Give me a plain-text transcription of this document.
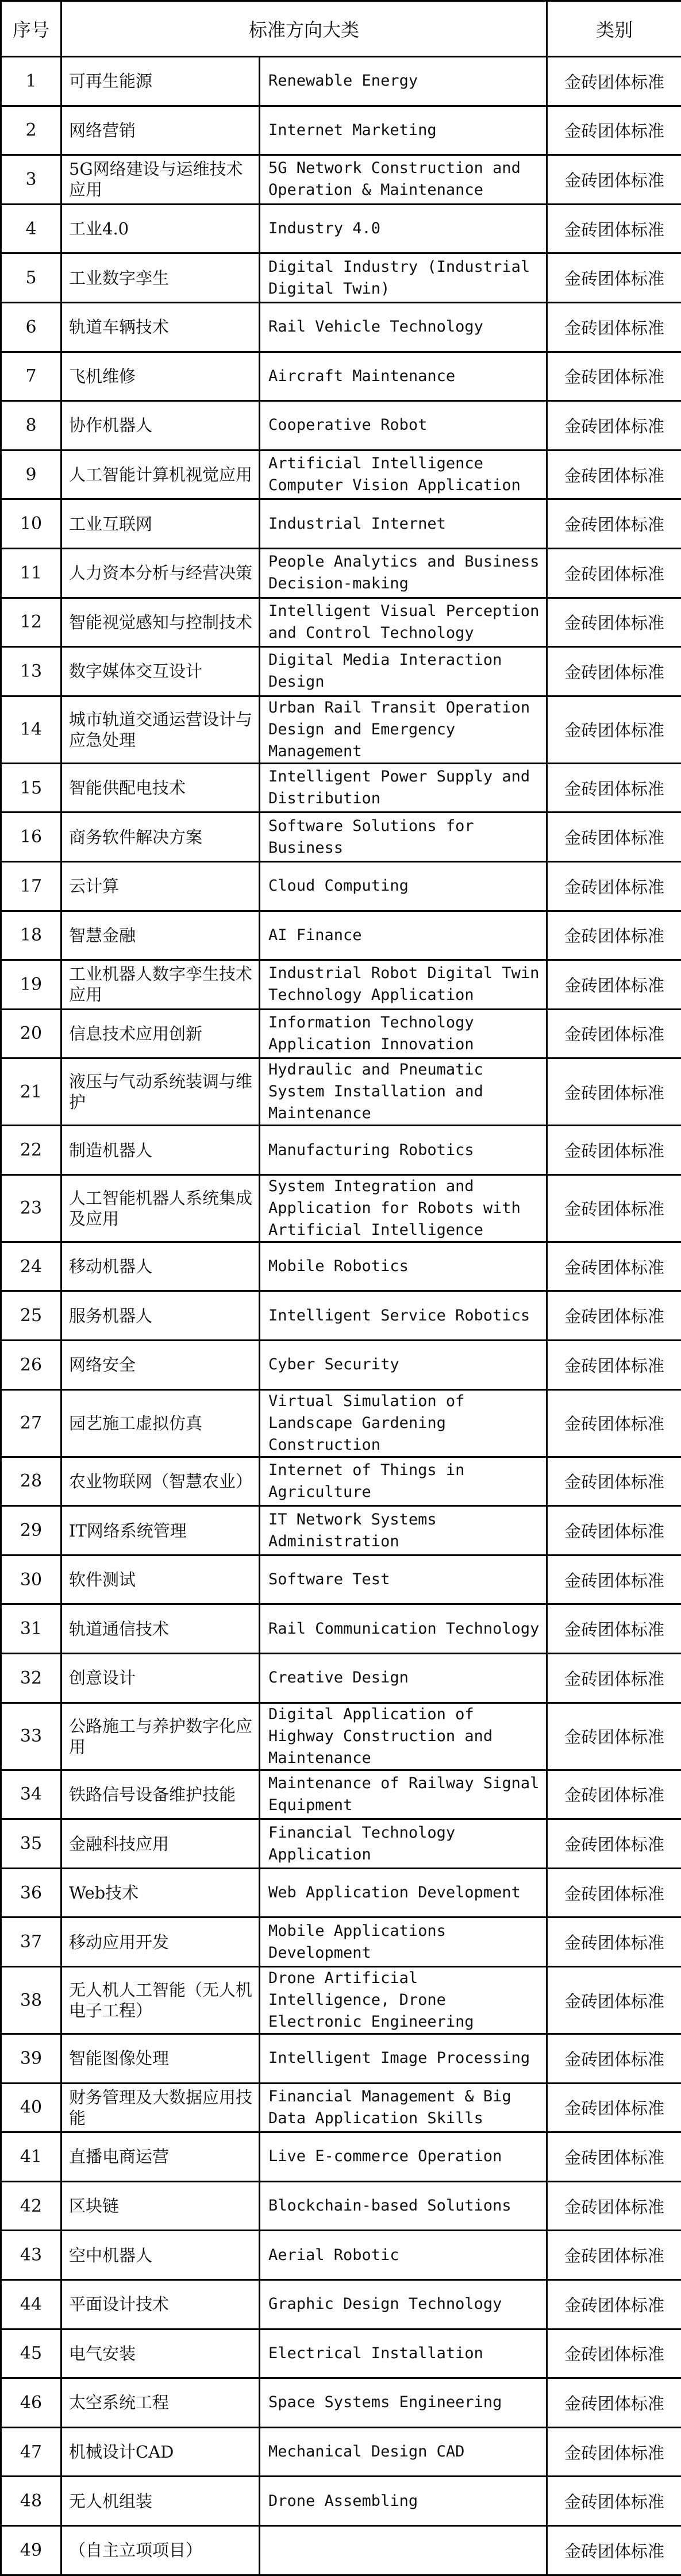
序号	标准方向大类		类别
1	可再生能源	Renewable Energy	金砖团体标准
2	网络营销	Internet Marketing	金砖团体标准
3	5G网络建设与运维技术应用	5G Network Construction and Operation & Maintenance	金砖团体标准
4	工业4.0	Industry 4.0	金砖团体标准
5	工业数字孪生	Digital Industry (Industrial Digital Twin)	金砖团体标准
6	轨道车辆技术	Rail Vehicle Technology	金砖团体标准
7	飞机维修	Aircraft Maintenance	金砖团体标准
8	协作机器人	Cooperative Robot	金砖团体标准
9	人工智能计算机视觉应用	Artificial Intelligence Computer Vision Application	金砖团体标准
10	工业互联网	Industrial Internet	金砖团体标准
11	人力资本分析与经营决策	People Analytics and Business Decision-making	金砖团体标准
12	智能视觉感知与控制技术	Intelligent Visual Perception and Control Technology	金砖团体标准
13	数字媒体交互设计	Digital Media Interaction Design	金砖团体标准
14	城市轨道交通运营设计与应急处理	Urban Rail Transit Operation Design and Emergency Management	金砖团体标准
15	智能供配电技术	Intelligent Power Supply and Distribution	金砖团体标准
16	商务软件解决方案	Software Solutions for Business	金砖团体标准
17	云计算	Cloud Computing	金砖团体标准
18	智慧金融	AI Finance	金砖团体标准
19	工业机器人数字孪生技术应用	Industrial Robot Digital Twin Technology Application	金砖团体标准
20	信息技术应用创新	Information Technology Application Innovation	金砖团体标准
21	液压与气动系统装调与维护	Hydraulic and Pneumatic System Installation and Maintenance	金砖团体标准
22	制造机器人	Manufacturing Robotics	金砖团体标准
23	人工智能机器人系统集成及应用	System Integration and Application for Robots with Artificial Intelligence	金砖团体标准
24	移动机器人	Mobile Robotics	金砖团体标准
25	服务机器人	Intelligent Service Robotics	金砖团体标准
26	网络安全	Cyber Security	金砖团体标准
27	园艺施工虚拟仿真	Virtual Simulation of Landscape Gardening Construction	金砖团体标准
28	农业物联网（智慧农业）	Internet of Things in Agriculture	金砖团体标准
29	IT网络系统管理	IT Network Systems Administration	金砖团体标准
30	软件测试	Software Test	金砖团体标准
31	轨道通信技术	Rail Communication Technology	金砖团体标准
32	创意设计	Creative Design	金砖团体标准
33	公路施工与养护数字化应用	Digital Application of Highway Construction and Maintenance	金砖团体标准
34	铁路信号设备维护技能	Maintenance of Railway Signal Equipment	金砖团体标准
35	金融科技应用	Financial Technology Application	金砖团体标准
36	Web技术	Web Application Development	金砖团体标准
37	移动应用开发	Mobile Applications Development	金砖团体标准
38	无人机人工智能（无人机电子工程）	Drone Artificial Intelligence, Drone Electronic Engineering	金砖团体标准
39	智能图像处理	Intelligent Image Processing	金砖团体标准
40	财务管理及大数据应用技能	Financial Management & Big Data Application Skills	金砖团体标准
41	直播电商运营	Live E-commerce Operation	金砖团体标准
42	区块链	Blockchain-based Solutions	金砖团体标准
43	空中机器人	Aerial Robotic	金砖团体标准
44	平面设计技术	Graphic Design Technology	金砖团体标准
45	电气安装	Electrical Installation	金砖团体标准
46	太空系统工程	Space Systems Engineering	金砖团体标准
47	机械设计CAD	Mechanical Design CAD	金砖团体标准
48	无人机组装	Drone Assembling	金砖团体标准
49	（自主立项项目）		金砖团体标准
